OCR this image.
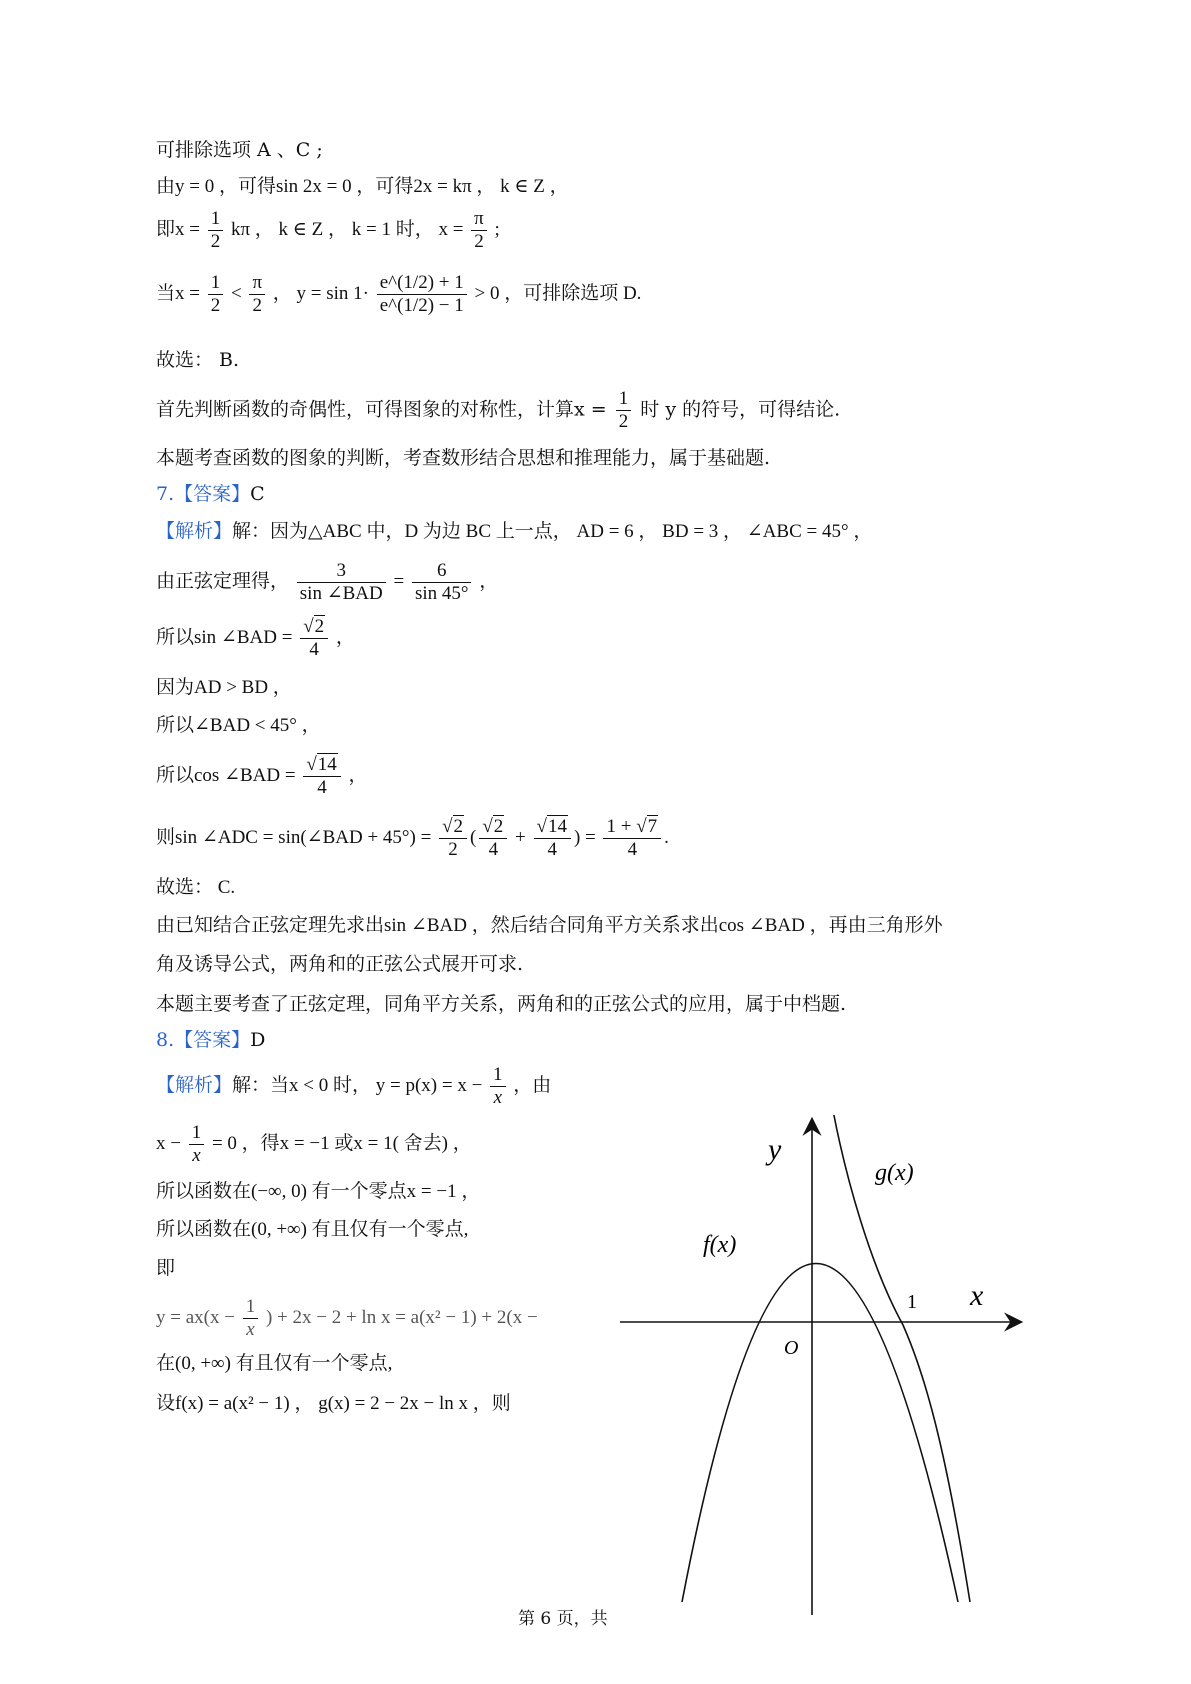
可排除选项 A 、C ;
由y = 0 ，可得sin 2x = 0 ，可得2x = kπ ， k ∈ Z ，
即$x = \frac{1}{2}$ kπ ， k ∈ Z ， k = 1 时， $x = \frac{\pi}{2}$ ;
当$x = \frac{1}{2} < \frac{\pi}{2}$ ， $y = \sin 1\cdot \frac{e\^{}(1/2) + 1}{e\^{}(1/2) - 1} > 0$ ，可排除选项 D.
故选： B.
首先判断函数的奇偶性，可得图象的对称性，计算$x = \frac{1}{2}$ 时 y 的符号，可得结论.
本题考查函数的图象的判断，考查数形结合思想和推理能力，属于基础题.
7.【答案】C
【解析】解：因为△ABC 中，D 为边 BC 上一点， AD = 6 ， BD = 3 ， ∠ABC = 45° ，
由正弦定理得， $\frac{3}{\text{sin ∠BAD}} = \frac{6}{\sin 45^\circ}$ ，
所以sin ∠BAD = $\frac{√2}{4}$ ，
因为AD > BD ，
所以∠BAD < 45° ，
所以cos ∠BAD = $\frac{√14}{4}$ ，
则sin ∠ADC = sin(∠BAD + $45^\circ) = \frac{√2}{2}$ ( $\frac{√2}{4} + \frac{√14}{4}$ ) = $\frac{1 + √7}{4}$ .
故选： C.
由已知结合正弦定理先求出sin ∠BAD ，然后结合同角平方关系求出cos ∠BAD ，再由三角形外
角及诱导公式，两角和的正弦公式展开可求.
本题主要考查了正弦定理，同角平方关系，两角和的正弦公式的应用，属于中档题.
8.【答案】D
【解析】解：当x < 0 时， $y = p(x) = x - \frac{1}{x}$ ，由
$x - \frac{1}{x} = 0$ ，得x = −1 或x = 1( 舍去) ，
所以函数在(−∞, 0) 有一个零点x = −1 ，
所以函数在(0, +∞) 有且仅有一个零点,
即
$y = ax(x - \frac{1}{x}$ ) + 2x − 2 + ln x = a(x² − 1) + 2(x −
在(0, +∞) 有且仅有一个零点,
设f(x) = a(x² − 1) ， g(x) = 2 − 2x − ln x ，则
y
x
O
1
f(x)
g(x)
第 6 页，共
